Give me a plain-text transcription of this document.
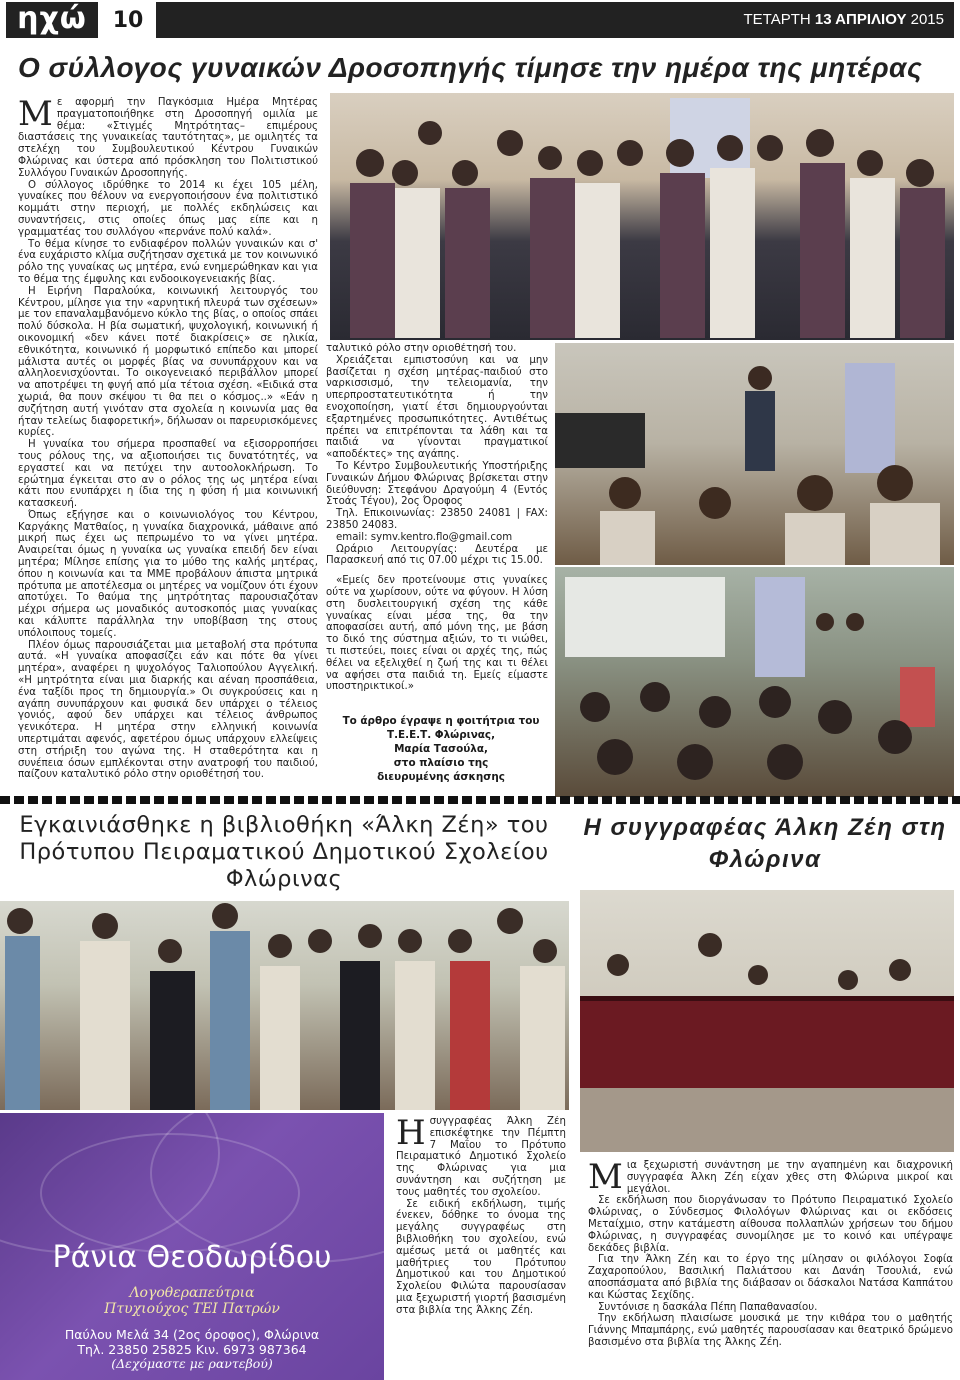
ηχώ	10	ΤΕΤΑΡΤΗ 13 ΑΠΡΙΛΙΟΥ 2015
Ο σύλλογος γυναικών Δροσοπηγής τίμησε την ημέρα της μητέρας

Με αφορμή την Παγκόσμια Ημέρα Μητέρας πραγματοποιήθηκε στη Δροσοπηγή ομιλία με θέμα: «Στιγμές Μητρότητας– επιμέρους διαστάσεις της γυναικείας ταυτότητας», με ομιλητές τα στελέχη του Συμβουλευτικού Κέντρου Γυναικών Φλώρινας και ύστερα από πρόσκληση του Πολιτιστικού Συλλόγου Γυναικών Δροσοπηγής.

Ο σύλλογος ιδρύθηκε το 2014 κι έχει 105 μέλη, γυναίκες που θέλουν να ενεργοποιήσουν ένα πολιτιστικό κομμάτι στην περιοχή, με πολλές εκδηλώσεις και συναντήσεις, στις οποίες όπως μας είπε και η γραμματέας του συλλόγου «περνάνε πολύ καλά».

Το θέμα κίνησε το ενδιαφέρον πολλών γυναικών και σ' ένα ευχάριστο κλίμα συζήτησαν σχετικά με τον κοινωνικό ρόλο της γυναίκας ως μητέρα, ενώ ενημερώθηκαν και για το θέμα της έμφυλης και ενδοοικογενειακής βίας.

Η Ειρήνη Παραλούκα, κοινωνική λειτουργός του Κέντρου, μίλησε για την «αρνητική πλευρά των σχέσεων» με τον επαναλαμβανόμενο κύκλο της βίας, ο οποίος σπάει πολύ δύσκολα. Η βία σωματική, ψυχολογική, κοινωνική ή οικονομική «δεν κάνει ποτέ διακρίσεις» σε ηλικία, εθνικότητα, κοινωνικό ή μορφωτικό επίπεδο και μπορεί μάλιστα αυτές οι μορφές βίας να συνυπάρχουν και να αλληλοενισχύονται. Το οικογενειακό περιβάλλον μπορεί να αποτρέψει τη φυγή από μία τέτοια σχέση. «Ειδικά στα χωριά, θα πουν σκέψου τι θα πει ο κόσμος..» «Εάν η συζήτηση αυτή γινόταν στα σχολεία η κοινωνία μας θα ήταν τελείως διαφορετική», δήλωσαν οι παρευρισκόμενες κυρίες.

Η γυναίκα του σήμερα προσπαθεί να εξισορροπήσει τους ρόλους της, να αξιοποιήσει τις δυνατότητές, να εργαστεί και να πετύχει την αυτοολοκλήρωση. Το ερώτημα έγκειται στο αν ο ρόλος της ως μητέρα είναι κάτι που ενυπάρχει η ίδια της η φύση ή μια κοινωνική κατασκευή.

Όπως εξήγησε και ο κοινωνιολόγος του Κέντρου, Καργάκης Ματθαίος, η γυναίκα διαχρονικά, μάθαινε από μικρή πως έχει ως πεπρωμένο το να γίνει μητέρα. Αναιρείται όμως η γυναίκα ως γυναίκα επειδή δεν είναι μητέρα; Μίλησε επίσης για το μύθο της καλής μητέρας, όπου η κοινωνία και τα ΜΜΕ προβάλουν άπιστα μητρικά πρότυπα με αποτέλεσμα οι μητέρες να νομίζουν ότι έχουν αποτύχει. Το θαύμα της μητρότητας παρουσιαζόταν μέχρι σήμερα ως μοναδικός αυτοσκοπός μιας γυναίκας και κάλυπτε παράλληλα την υποβίβαση της στους υπόλοιπους τομείς.

Πλέον όμως παρουσιάζεται μια μεταβολή στα πρότυπα αυτά. «Η γυναίκα αποφασίζει εάν και πότε θα γίνει μητέρα», αναφέρει η ψυχολόγος Ταλιοπούλου Αγγελική. «Η μητρότητα είναι μια διαρκής και αέναη προσπάθεια, ένα ταξίδι προς τη δημιουργία.» Οι συγκρούσεις και η αγάπη συνυπάρχουν και φυσικά δεν υπάρχει ο τέλειος γονιός, αφού δεν υπάρχει και τέλειος άνθρωπος γενικότερα. Η μητέρα στην ελληνική κοινωνία υπερτιμάται αφενός, αφετέρου όμως υπάρχουν ελλείψεις στη στήριξη του αγώνα της. Η σταθερότητα και η συνέπεια όσων εμπλέκονται στην ανατροφή του παιδιού, παίζουν καταλυτικό ρόλο στην οριοθέτησή του.

ταλυτικό ρόλο στην οριοθέτησή του.

Χρειάζεται εμπιστοσύνη και να μην βασίζεται η σχέση μητέρας-παιδιού στο ναρκισσισμό, την τελειομανία, την υπερπροστατευτικότητα ή την ενοχοποίηση, γιατί έτσι δημιουργούνται εξαρτημένες προσωπικότητες. Αντιθέτως πρέπει να επιτρέπονται τα λάθη και τα παιδιά να γίνονται πραγματικοί «αποδέκτες» της αγάπης.

Το Κέντρο Συμβουλευτικής Υποστήριξης Γυναικών Δήμου Φλώρινας βρίσκεται στην διεύθυνση: Στεφάνου Δραγούμη 4 (Εντός Στοάς Τέγου), 2ος Όροφος

Τηλ. Επικοινωνίας: 23850 24081 | FAX: 23850 24083.

email: symv.kentro.flo@gmail.com

Ωράριο Λειτουργίας: Δευτέρα με Παρασκευή από τις 07.00 μέχρι τις 15.00.

«Εμείς δεν προτείνουμε στις γυναίκες ούτε να χωρίσουν, ούτε να φύγουν. Η λύση στη δυσλειτουργική σχέση της κάθε γυναίκας είναι μέσα της, θα την αποφασίσει αυτή, από μόνη της, με βάση το δικό της σύστημα αξιών, το τι νιώθει, τι πιστεύει, ποιες είναι οι αρχές της, πώς θέλει να εξελιχθεί η ζωή της και τι θέλει να αφήσει στα παιδιά τη. Εμείς είμαστε υποστηρικτικοί.»

Το άρθρο έγραψε η φοιτήτρια του
Τ.Ε.Ε.Τ. Φλώρινας,
Μαρία Τασούλα,
στο πλαίσιο της
διευρυμένης άσκησης
Εγκαινιάσθηκε η βιβλιοθήκη «Άλκη Ζέη» του Πρότυπου Πειραματικού Δημοτικού Σχολείου Φλώρινας

Ησυγγραφέας Άλκη Ζέη επισκέφτηκε την Πέμπτη 7 Μαΐου το Πρότυπο Πειραματικό Δημοτικό Σχολείο της Φλώρινας για μια συνάντηση και συζήτηση με τους μαθητές του σχολείου.

Σε ειδική εκδήλωση, τιμής ένεκεν, δόθηκε το όνομα της μεγάλης συγγραφέως στη βιβλιοθήκη του σχολείου, ενώ αμέσως μετά οι μαθητές και μαθήτριες του Πρότυπου Δημοτικού και του Δημοτικού Σχολείου Φιλώτα παρουσίασαν μια ξεχωριστή γιορτή βασισμένη στα βιβλία της Άλκης Ζέη.

Ράνια Θεοδωρίδου
Λογοθεραπεύτρια
Πτυχιούχος ΤΕΙ Πατρών
Παύλου Μελά 34 (2ος όροφος), Φλώρινα
Τηλ. 23850 25825 Κιν. 6973 987364
(Δεχόμαστε με ραντεβού)
Η συγγραφέας Άλκη Ζέη στη Φλώρινα

Μια ξεχωριστή συνάντηση με την αγαπημένη και διαχρονική συγγραφέα Άλκη Ζέη είχαν χθες στη Φλώρινα μικροί και μεγάλοι.

Σε εκδήλωση που διοργάνωσαν το Πρότυπο Πειραματικό Σχολείο Φλώρινας, ο Σύνδεσμος Φιλολόγων Φλώρινας και οι εκδόσεις Μεταίχμιο, στην κατάμεστη αίθουσα πολλαπλών χρήσεων του δήμου Φλώρινας, η συγγραφέας συνομίλησε με το κοινό και υπέγραψε δεκάδες βιβλία.

Για την Άλκη Ζέη και το έργο της μίλησαν οι φιλόλογοι Σοφία Ζαχαροπούλου, Βασιλική Παλιάτσου και Δανάη Τσουλιά, ενώ αποσπάσματα από βιβλία της διάβασαν οι δάσκαλοι Νατάσα Καππάτου και Κώστας Σεχίδης.

Συντόνισε η δασκάλα Πέπη Παπαθανασίου.

Την εκδήλωση πλαισίωσε μουσικά με την κιθάρα του ο μαθητής Γιάννης Μπαμπάρης, ενώ μαθητές παρουσίασαν και θεατρικό δρώμενο βασισμένο στα βιβλία της Άλκης Ζέη.
